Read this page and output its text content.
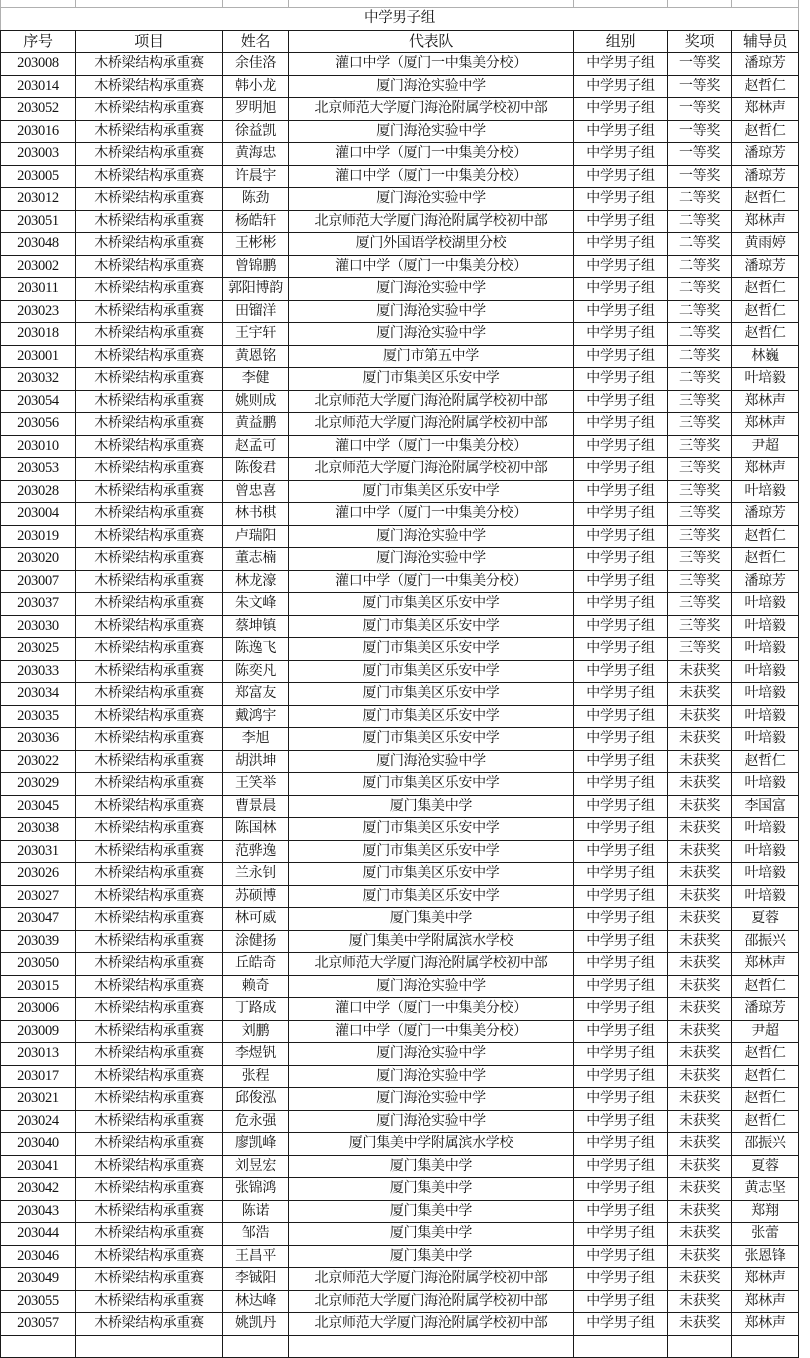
中学男子组						
序号	项目	姓名	代表队	组别	奖项	辅导员
203008	木桥梁结构承重赛	余佳洛	灌口中学（厦门一中集美分校）	中学男子组	一等奖	潘琼芳
203014	木桥梁结构承重赛	韩小龙	厦门海沧实验中学	中学男子组	一等奖	赵哲仁
203052	木桥梁结构承重赛	罗明旭	北京师范大学厦门海沧附属学校初中部	中学男子组	一等奖	郑林声
203016	木桥梁结构承重赛	徐益凯	厦门海沧实验中学	中学男子组	一等奖	赵哲仁
203003	木桥梁结构承重赛	黄海忠	灌口中学（厦门一中集美分校）	中学男子组	一等奖	潘琼芳
203005	木桥梁结构承重赛	许晨宇	灌口中学（厦门一中集美分校）	中学男子组	一等奖	潘琼芳
203012	木桥梁结构承重赛	陈劲	厦门海沧实验中学	中学男子组	二等奖	赵哲仁
203051	木桥梁结构承重赛	杨皓轩	北京师范大学厦门海沧附属学校初中部	中学男子组	二等奖	郑林声
203048	木桥梁结构承重赛	王彬彬	厦门外国语学校湖里分校	中学男子组	二等奖	黄雨婷
203002	木桥梁结构承重赛	曾锦鹏	灌口中学（厦门一中集美分校）	中学男子组	二等奖	潘琼芳
203011	木桥梁结构承重赛	郭阳博韵	厦门海沧实验中学	中学男子组	二等奖	赵哲仁
203023	木桥梁结构承重赛	田镏洋	厦门海沧实验中学	中学男子组	二等奖	赵哲仁
203018	木桥梁结构承重赛	王宇轩	厦门海沧实验中学	中学男子组	二等奖	赵哲仁
203001	木桥梁结构承重赛	黄恩铭	厦门市第五中学	中学男子组	二等奖	林巍
203032	木桥梁结构承重赛	李健	厦门市集美区乐安中学	中学男子组	二等奖	叶培毅
203054	木桥梁结构承重赛	姚则成	北京师范大学厦门海沧附属学校初中部	中学男子组	三等奖	郑林声
203056	木桥梁结构承重赛	黄益鹏	北京师范大学厦门海沧附属学校初中部	中学男子组	三等奖	郑林声
203010	木桥梁结构承重赛	赵孟可	灌口中学（厦门一中集美分校）	中学男子组	三等奖	尹超
203053	木桥梁结构承重赛	陈俊君	北京师范大学厦门海沧附属学校初中部	中学男子组	三等奖	郑林声
203028	木桥梁结构承重赛	曾忠喜	厦门市集美区乐安中学	中学男子组	三等奖	叶培毅
203004	木桥梁结构承重赛	林书棋	灌口中学（厦门一中集美分校）	中学男子组	三等奖	潘琼芳
203019	木桥梁结构承重赛	卢瑞阳	厦门海沧实验中学	中学男子组	三等奖	赵哲仁
203020	木桥梁结构承重赛	董志楠	厦门海沧实验中学	中学男子组	三等奖	赵哲仁
203007	木桥梁结构承重赛	林龙濠	灌口中学（厦门一中集美分校）	中学男子组	三等奖	潘琼芳
203037	木桥梁结构承重赛	朱文峰	厦门市集美区乐安中学	中学男子组	三等奖	叶培毅
203030	木桥梁结构承重赛	蔡坤镇	厦门市集美区乐安中学	中学男子组	三等奖	叶培毅
203025	木桥梁结构承重赛	陈逸飞	厦门市集美区乐安中学	中学男子组	三等奖	叶培毅
203033	木桥梁结构承重赛	陈奕凡	厦门市集美区乐安中学	中学男子组	未获奖	叶培毅
203034	木桥梁结构承重赛	郑富友	厦门市集美区乐安中学	中学男子组	未获奖	叶培毅
203035	木桥梁结构承重赛	戴鸿宇	厦门市集美区乐安中学	中学男子组	未获奖	叶培毅
203036	木桥梁结构承重赛	李旭	厦门市集美区乐安中学	中学男子组	未获奖	叶培毅
203022	木桥梁结构承重赛	胡洪坤	厦门海沧实验中学	中学男子组	未获奖	赵哲仁
203029	木桥梁结构承重赛	王笑举	厦门市集美区乐安中学	中学男子组	未获奖	叶培毅
203045	木桥梁结构承重赛	曹景晨	厦门集美中学	中学男子组	未获奖	李国富
203038	木桥梁结构承重赛	陈国林	厦门市集美区乐安中学	中学男子组	未获奖	叶培毅
203031	木桥梁结构承重赛	范骅逸	厦门市集美区乐安中学	中学男子组	未获奖	叶培毅
203026	木桥梁结构承重赛	兰永钊	厦门市集美区乐安中学	中学男子组	未获奖	叶培毅
203027	木桥梁结构承重赛	苏硕博	厦门市集美区乐安中学	中学男子组	未获奖	叶培毅
203047	木桥梁结构承重赛	林可威	厦门集美中学	中学男子组	未获奖	夏蓉
203039	木桥梁结构承重赛	涂健扬	厦门集美中学附属滨水学校	中学男子组	未获奖	邵振兴
203050	木桥梁结构承重赛	丘皓奇	北京师范大学厦门海沧附属学校初中部	中学男子组	未获奖	郑林声
203015	木桥梁结构承重赛	赖奇	厦门海沧实验中学	中学男子组	未获奖	赵哲仁
203006	木桥梁结构承重赛	丁路成	灌口中学（厦门一中集美分校）	中学男子组	未获奖	潘琼芳
203009	木桥梁结构承重赛	刘鹏	灌口中学（厦门一中集美分校）	中学男子组	未获奖	尹超
203013	木桥梁结构承重赛	李煜钒	厦门海沧实验中学	中学男子组	未获奖	赵哲仁
203017	木桥梁结构承重赛	张程	厦门海沧实验中学	中学男子组	未获奖	赵哲仁
203021	木桥梁结构承重赛	邱俊泓	厦门海沧实验中学	中学男子组	未获奖	赵哲仁
203024	木桥梁结构承重赛	危永强	厦门海沧实验中学	中学男子组	未获奖	赵哲仁
203040	木桥梁结构承重赛	廖凯峰	厦门集美中学附属滨水学校	中学男子组	未获奖	邵振兴
203041	木桥梁结构承重赛	刘昱宏	厦门集美中学	中学男子组	未获奖	夏蓉
203042	木桥梁结构承重赛	张锦鸿	厦门集美中学	中学男子组	未获奖	黄志坚
203043	木桥梁结构承重赛	陈诺	厦门集美中学	中学男子组	未获奖	郑翔
203044	木桥梁结构承重赛	邹浩	厦门集美中学	中学男子组	未获奖	张蕾
203046	木桥梁结构承重赛	王昌平	厦门集美中学	中学男子组	未获奖	张恩锋
203049	木桥梁结构承重赛	李铖阳	北京师范大学厦门海沧附属学校初中部	中学男子组	未获奖	郑林声
203055	木桥梁结构承重赛	林达峰	北京师范大学厦门海沧附属学校初中部	中学男子组	未获奖	郑林声
203057	木桥梁结构承重赛	姚凯丹	北京师范大学厦门海沧附属学校初中部	中学男子组	未获奖	郑林声
